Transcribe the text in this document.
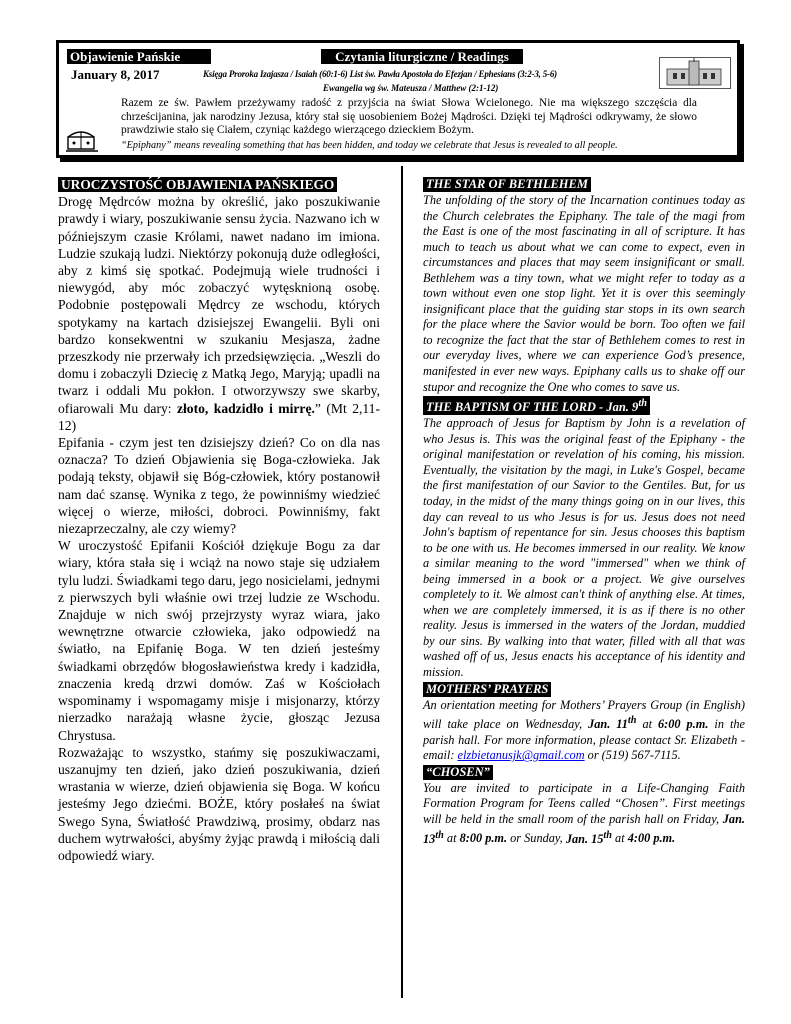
Objawienie Pańskie	Czytania liturgiczne / Readings
January 8, 2017	Księga Proroka Izajasza / Isaiah (60:1-6) List św. Pawła Apostoła do Efezjan / Ephesians (3:2-3, 5-6)
Ewangelia wg św. Mateusza / Matthew (2:1-12)
Razem ze św. Pawłem przeżywamy radość z przyjścia na świat Słowa Wcielonego. Nie ma większego szczęścia dla chrześcijanina, jak narodziny Jezusa, który stał się uosobieniem Bożej Mądrości. Dzięki tej Mądrości odkrywamy, że słowo prawdziwie stało się Ciałem, czyniąc każdego wierzącego dzieckiem Bożym.
“Epiphany” means revealing something that has been hidden, and today we celebrate that Jesus is revealed to all people.
UROCZYSTOŚĆ OBJAWIENIA PAŃSKIEGO

Drogę Mędrców można by określić, jako poszukiwanie prawdy i wiary, poszukiwanie sensu życia. Nazwano ich w późniejszym czasie Królami, nawet nadano im imiona. Ludzie szukają ludzi. Niektórzy pokonują duże odległości, aby z kimś się spotkać. Podejmują wiele trudności i niewygód, aby móc zobaczyć wytęsknioną osobę. Podobnie postępowali Mędrcy ze wschodu, których spotykamy na kartach dzisiejszej Ewangelii. Byli oni bardzo konsekwentni w szukaniu Mesjasza, żadne przeszkody nie przerwały ich przedsięwzięcia. „Weszli do domu i zobaczyli Dziecię z Matką Jego, Maryją; upadli na twarz i oddali Mu pokłon. I otworzywszy swe skarby, ofiarowali Mu dary: złoto, kadzidło i mirrę.” (Mt 2,11-12)

Epifania - czym jest ten dzisiejszy dzień? Co on dla nas oznacza? To dzień Objawienia się Boga-człowieka. Jak podają teksty, objawił się Bóg-człowiek, który postanowił nam dać szansę. Wynika z tego, że powinniśmy wiedzieć więcej o wierze, miłości, dobroci. Powinniśmy, fakt niezaprzeczalny, ale czy wiemy?

W uroczystość Epifanii Kościół dziękuje Bogu za dar wiary, która stała się i wciąż na nowo staje się udziałem tylu ludzi. Świadkami tego daru, jego nosicielami, jednymi z pierwszych byli właśnie owi trzej ludzie ze Wschodu. Znajduje w nich swój przejrzysty wyraz wiara, jako wewnętrzne otwarcie człowieka, jako odpowiedź na światło, na Epifanię Boga. W ten dzień jesteśmy świadkami obrzędów błogosławieństwa kredy i kadzidła, znaczenia kredą drzwi domów. Zaś w Kościołach wspominamy i wspomagamy misje i misjonarzy, którzy nierzadko narażają własne życie, głosząc Jezusa Chrystusa.

Rozważając to wszystko, stańmy się poszukiwaczami, uszanujmy ten dzień, jako dzień poszukiwania, dzień wrastania w wierze, dzień objawienia się Boga. W końcu jesteśmy Jego dziećmi. BOŻE, który posłałeś na świat Swego Syna, Światłość Prawdziwą, prosimy, obdarz nas duchem wytrwałości, abyśmy żyjąc prawdą i miłością dali odpowiedź wiary.

THE STAR OF BETHLEHEM

The unfolding of the story of the Incarnation continues today as the Church celebrates the Epiphany. The tale of the magi from the East is one of the most fascinating in all of scripture. It has much to teach us about what we can come to expect, even in circumstances and places that may seem insignificant or small. Bethlehem was a tiny town, what we might refer to today as a town without even one stop light. Yet it is over this seemingly insignificant place that the guiding star stops in its own search for the place where the Savior would be born. Too often we fail to recognize the fact that the star of Bethlehem comes to rest in our everyday lives, where we can experience God’s presence, manifested in ever new ways. Epiphany calls us to shake off our stupor and recognize the One who comes to save us.

THE BAPTISM OF THE LORD - Jan. 9th

The approach of Jesus for Baptism by John is a revelation of who Jesus is. This was the original feast of the Epiphany - the original manifestation or revelation of his coming, his mission. Eventually, the visitation by the magi, in Luke's Gospel, became the first manifestation of our Savior to the Gentiles. But, for us today, in the midst of the many things going on in our lives, this day can reveal to us who Jesus is for us. Jesus does not need John's baptism of repentance for sin. Jesus chooses this baptism to be one with us. He becomes immersed in our reality. We know a similar meaning to the word "immersed" when we think of being immersed in a book or a project. We give ourselves completely to it. We almost can't think of anything else. At times, when we are completely immersed, it is as if there is no other reality. Jesus is immersed in the waters of the Jordan, muddied by our sins. By walking into that water, filled with all that was washed off of us, Jesus enacts his acceptance of his identity and mission.

MOTHERS’ PRAYERS

An orientation meeting for Mothers’ Prayers Group (in English) will take place on Wednesday, Jan. 11th at 6:00 p.m. in the parish hall. For more information, please contact Sr. Elizabeth - email: elzbietanusjk@gmail.com or (519) 567-7115.

“CHOSEN”

You are invited to participate in a Life-Changing Faith Formation Program for Teens called “Chosen”. First meetings will be held in the small room of the parish hall on Friday, Jan. 13th at 8:00 p.m. or Sunday, Jan. 15th at 4:00 p.m.
